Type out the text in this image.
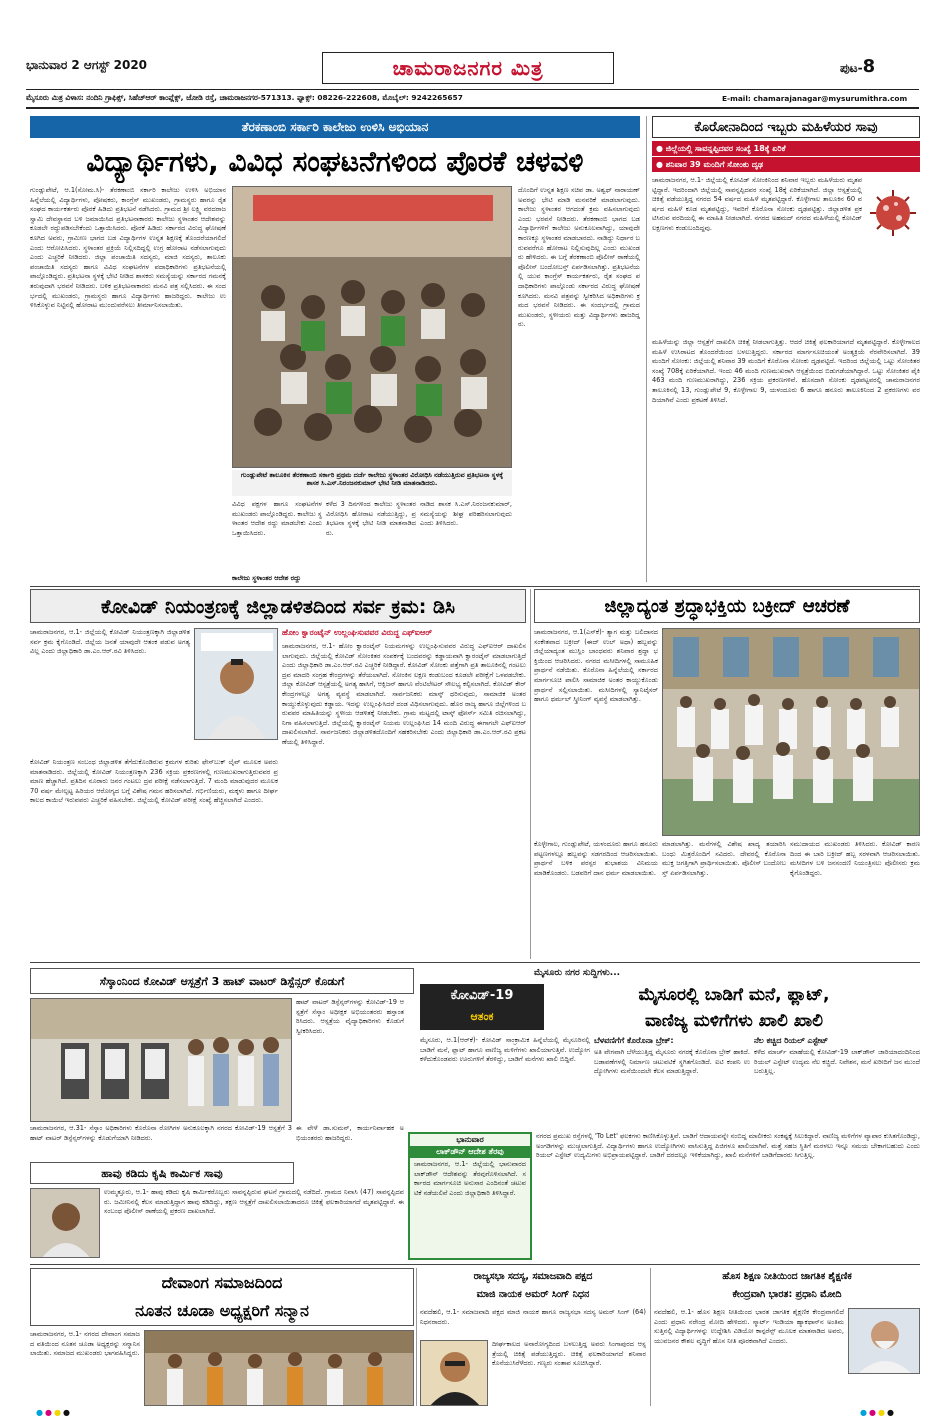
ಭಾನುವಾರ 2 ಆಗಸ್ಟ್ 2020	ಚಾಮರಾಜನಗರ ಮಿತ್ರ	ಪುಟ-8
ಮೈಸೂರು ಮಿತ್ರ ವಿಳಾಸ: ನಂದಿನಿ ಗ್ರಾಫಿಕ್ಸ್, ಸಿಹೆಚ್‌ಆರ್ ಕಾಂಪ್ಲೆಕ್ಸ್, ಜೋಡಿ ರಸ್ತೆ, ಚಾಮರಾಜನಗರ-571313. ಫ್ಯಾಕ್ಸ್: 08226-222608, ಮೊಬೈಲ್: 9242265657	E-mail: chamarajanagar@mysurumithra.com
ತೆರಕಣಾಂಬಿ ಸರ್ಕಾರಿ ಕಾಲೇಜು ಉಳಿಸಿ ಅಭಿಯಾನ
ವಿದ್ಯಾರ್ಥಿಗಳು, ವಿವಿಧ ಸಂಘಟನೆಗಳಿಂದ ಪೊರಕೆ ಚಳವಳಿ
ಗುಂಡ್ಲುಪೇಟೆ, ಆ.1(ಸೋಮ.ಸಿ)- ತೆರಕಣಾಂಬಿ ಸರ್ಕಾರಿ ಕಾಲೇಜು ಉಳಿಸಿ ಅಭಿಯಾನ ಹಿನ್ನೆಲೆಯಲ್ಲಿ ವಿದ್ಯಾರ್ಥಿಗಳು, ಪೋಷಕರು, ಕಾಂಗ್ರೆಸ್ ಮುಖಂಡರು, ಗ್ರಾಮಸ್ಥರು ಹಾಗೂ ರೈತ ಸಂಘದ ಕಾರ್ಯಕರ್ತರು ಪೊರಕೆ ಹಿಡಿದು ಪ್ರತಿಭಟನೆ ನಡೆಸಿದರು. ಗ್ರಾಮದ ಶ್ರೀ ಲಕ್ಷ್ಮಿ ವರದರಾಜಸ್ವಾಮಿ ದೇವಸ್ಥಾನದ ಬಳಿ ಜಮಾಯಿಸಿದ ಪ್ರತಿಭಟನಾಕಾರರು ಕಾಲೇಜು ಸ್ಥಳಾಂತರ ಆದೇಶವನ್ನು ಕೂಡಲೇ ರದ್ದುಪಡಿಸಬೇಕೆಂದು ಒತ್ತಾಯಿಸಿದರು. ಪೊರಕೆ ಹಿಡಿದು ಸರ್ಕಾರದ ವಿರುದ್ಧ ಘೋಷಣೆ ಕೂಗಿದ ಅವರು, ಗ್ರಾಮೀಣ ಭಾಗದ ಬಡ ವಿದ್ಯಾರ್ಥಿಗಳ ಉನ್ನತ ಶಿಕ್ಷಣಕ್ಕೆ ತೊಂದರೆಯಾಗಲಿದೆ ಎಂದು ಆರೋಪಿಸಿದರು. ಸ್ಥಳಾಂತರ ಪ್ರಕ್ರಿಯೆ ನಿಲ್ಲಿಸದಿದ್ದಲ್ಲಿ ಉಗ್ರ ಹೋರಾಟ ನಡೆಸಲಾಗುವುದು ಎಂದು ಎಚ್ಚರಿಕೆ ನೀಡಿದರು. ಜಿಲ್ಲಾ ಪಂಚಾಯಿತಿ ಸದಸ್ಯರು, ಮಾಜಿ ಸದಸ್ಯರು, ತಾಲೂಕು ಪಂಚಾಯಿತಿ ಸದಸ್ಯರು ಹಾಗೂ ವಿವಿಧ ಸಂಘಟನೆಗಳ ಪದಾಧಿಕಾರಿಗಳು ಪ್ರತಿಭಟನೆಯಲ್ಲಿ ಪಾಲ್ಗೊಂಡಿದ್ದರು. ಪ್ರತಿಭಟನಾ ಸ್ಥಳಕ್ಕೆ ಭೇಟಿ ನೀಡಿದ ಶಾಸಕರು ಸಮಸ್ಯೆಯನ್ನು ಸರ್ಕಾರದ ಗಮನಕ್ಕೆ ತರುವುದಾಗಿ ಭರವಸೆ ನೀಡಿದರು. ಬಳಿಕ ಪ್ರತಿಭಟನಾಕಾರರು ಮನವಿ ಪತ್ರ ಸಲ್ಲಿಸಿದರು. ಈ ಸಂದರ್ಭದಲ್ಲಿ ಮುಖಂಡರು, ಗ್ರಾಮಸ್ಥರು ಹಾಗೂ ವಿದ್ಯಾರ್ಥಿಗಳು ಹಾಜರಿದ್ದರು. ಕಾಲೇಜು ಉಳಿಸಿಕೊಳ್ಳುವ ನಿಟ್ಟಿನಲ್ಲಿ ಹೋರಾಟ ಮುಂದುವರೆಸಲು ತೀರ್ಮಾನಿಸಲಾಯಿತು.
ಗುಂಡ್ಲುಪೇಟೆ ತಾಲೂಕಿನ ತೆರಕಣಾಂಬಿ ಸರ್ಕಾರಿ ಪ್ರಥಮ ದರ್ಜೆ ಕಾಲೇಜು ಸ್ಥಳಾಂತರ ವಿರೋಧಿಸಿ ನಡೆಯುತ್ತಿರುವ ಪ್ರತಿಭಟನಾ ಸ್ಥಳಕ್ಕೆ ಶಾಸಕ ಸಿ.ಎಸ್.ನಿರಂಜನಕುಮಾರ್ ಭೇಟಿ ನೀಡಿ ಮಾತನಾಡಿದರು.
ವಿವಿಧ ಪಕ್ಷಗಳ ಹಾಗೂ ಸಂಘಟನೆಗಳ ಮುಖಂಡರು ಪಾಲ್ಗೊಂಡಿದ್ದರು. ಕಾಲೇಜು ಸ್ಥಳಾಂತರ ಆದೇಶ ರದ್ದು ಮಾಡಬೇಕು ಎಂದು ಒತ್ತಾಯಿಸಿದರು.
ಕಾಲೇಜು ಸ್ಥಳಾಂತರ ಆದೇಶ ರದ್ದು
ಕಳೆದ 3 ದಿನಗಳಿಂದ ಕಾಲೇಜು ಸ್ಥಳಾಂತರ ವಿರೋಧಿಸಿ ಹೋರಾಟ ನಡೆಯುತ್ತಿದ್ದು, ಪ್ರತಿಭಟನಾ ಸ್ಥಳಕ್ಕೆ ಭೇಟಿ ನೀಡಿ ಮಾತನಾಡಿದರು.
ನಾಡಿದ ಶಾಸಕ ಸಿ.ಎಸ್.ನಿರಂಜನಕುಮಾರ್, ಸಮಸ್ಯೆಯನ್ನು ಶೀಘ್ರ ಪರಿಹರಿಸಲಾಗುವುದು ಎಂದು ತಿಳಿಸಿದರು.
ದೊಂದಿಗೆ ಉನ್ನತ ಶಿಕ್ಷಣ ಸಚಿವ ಡಾ. ಅಶ್ವಥ್ ನಾರಾಯಣ್ ಅವರನ್ನು ಭೇಟಿ ಮಾಡಿ ಮನವರಿಕೆ ಮಾಡಲಾಗುವುದು. ಕಾಲೇಜು ಸ್ಥಳಾಂತರ ಆಗದಂತೆ ಕ್ರಮ ವಹಿಸಲಾಗುವುದು ಎಂದು ಭರವಸೆ ನೀಡಿದರು. ತೆರಕಣಾಂಬಿ ಭಾಗದ ಬಡ ವಿದ್ಯಾರ್ಥಿಗಳಿಗೆ ಕಾಲೇಜು ಅನುಕೂಲವಾಗಿದ್ದು, ಯಾವುದೇ ಕಾರಣಕ್ಕೂ ಸ್ಥಳಾಂತರ ಮಾಡಬಾರದು. ನಾಡಿದ್ದು ನಿರ್ಧಾರ ಬರುವವರೆಗೂ ಹೋರಾಟ ನಿಲ್ಲಿಸುವುದಿಲ್ಲ ಎಂದು ಮುಖಂಡರು ಹೇಳಿದರು. ಈ ಬಗ್ಗೆ ತೆರಕಣಾಂಬಿ ಪೊಲೀಸ್ ಠಾಣೆಯಲ್ಲಿ ಪೊಲೀಸ್ ಬಂದೋಬಸ್ತ್ ಏರ್ಪಡಿಸಲಾಗಿತ್ತು. ಪ್ರತಿಭಟನೆಯಲ್ಲಿ ಯುವ ಕಾಂಗ್ರೆಸ್ ಕಾರ್ಯಕರ್ತರು, ರೈತ ಸಂಘದ ಪದಾಧಿಕಾರಿಗಳು ಪಾಲ್ಗೊಂಡು ಸರ್ಕಾರದ ವಿರುದ್ಧ ಘೋಷಣೆ ಕೂಗಿದರು. ಮನವಿ ಪತ್ರವನ್ನು ಸ್ವೀಕರಿಸಿದ ಅಧಿಕಾರಿಗಳು ಕ್ರಮದ ಭರವಸೆ ನೀಡಿದರು. ಈ ಸಂದರ್ಭದಲ್ಲಿ ಗ್ರಾಮದ ಮುಖಂಡರು, ಸ್ಥಳೀಯರು ಮತ್ತು ವಿದ್ಯಾರ್ಥಿಗಳು ಹಾಜರಿದ್ದರು.
ಕೊರೋನಾದಿಂದ ಇಬ್ಬರು ಮಹಿಳೆಯರ ಸಾವು
● ಜಿಲ್ಲೆಯಲ್ಲಿ ಸಾವನ್ನಪ್ಪಿದವರ ಸಂಖ್ಯೆ 18ಕ್ಕೆ ಏರಿಕೆ
● ಶನಿವಾರ 39 ಮಂದಿಗೆ ಸೋಂಕು ದೃಢ
ಚಾಮರಾಜನಗರ, ಆ.1- ಜಿಲ್ಲೆಯಲ್ಲಿ ಕೋವಿಡ್ ಸೋಂಕಿನಿಂದ ಶನಿವಾರ ಇಬ್ಬರು ಮಹಿಳೆಯರು ಮೃತಪಟ್ಟಿದ್ದಾರೆ. ಇದರಿಂದಾಗಿ ಜಿಲ್ಲೆಯಲ್ಲಿ ಸಾವನ್ನಪ್ಪಿದವರ ಸಂಖ್ಯೆ 18ಕ್ಕೆ ಏರಿಕೆಯಾಗಿದೆ. ಜಿಲ್ಲಾ ಆಸ್ಪತ್ರೆಯಲ್ಲಿ ಚಿಕಿತ್ಸೆ ಪಡೆಯುತ್ತಿದ್ದ ನಗರದ 54 ವರ್ಷದ ಮಹಿಳೆ ಮೃತಪಟ್ಟಿದ್ದಾರೆ. ಕೊಳ್ಳೇಗಾಲ ತಾಲೂಕಿನ 60 ವರ್ಷದ ಮಹಿಳೆ ಕೂಡ ಮೃತಪಟ್ಟಿದ್ದು, ಇವರಿಗೆ ಕೊರೊನಾ ಸೋಂಕು ದೃಢಪಟ್ಟಿತ್ತು. ಜಿಲ್ಲಾಡಳಿತ ಪ್ರಕಟಿಸಿರುವ ವರದಿಯಲ್ಲಿ ಈ ಮಾಹಿತಿ ನೀಡಲಾಗಿದೆ. ನಗರದ ಅಹಮದ್ ನಗರದ ಮಹಿಳೆಯಲ್ಲಿ ಕೋವಿಡ್ ಲಕ್ಷಣಗಳು ಕಂಡುಬಂದಿದ್ದವು.
ಮಹಿಳೆಯನ್ನು ಜಿಲ್ಲಾ ಆಸ್ಪತ್ರೆಗೆ ದಾಖಲಿಸಿ ಚಿಕಿತ್ಸೆ ನೀಡಲಾಗುತ್ತಿತ್ತು. ಆದರೆ ಚಿಕಿತ್ಸೆ ಫಲಕಾರಿಯಾಗದೆ ಮೃತಪಟ್ಟಿದ್ದಾರೆ. ಕೊಳ್ಳೇಗಾಲದ ಮಹಿಳೆ ಉಸಿರಾಟದ ತೊಂದರೆಯಿಂದ ಬಳಲುತ್ತಿದ್ದರು. ಸರ್ಕಾರದ ಮಾರ್ಗಸೂಚಿಯಂತೆ ಅಂತ್ಯಕ್ರಿಯೆ ನೆರವೇರಿಸಲಾಗಿದೆ. 39 ಮಂದಿಗೆ ಸೋಂಕು: ಜಿಲ್ಲೆಯಲ್ಲಿ ಶನಿವಾರ 39 ಮಂದಿಗೆ ಕೊರೊನಾ ಸೋಂಕು ದೃಢಪಟ್ಟಿದೆ. ಇದರಿಂದ ಜಿಲ್ಲೆಯಲ್ಲಿ ಒಟ್ಟು ಸೋಂಕಿತರ ಸಂಖ್ಯೆ 708ಕ್ಕೆ ಏರಿಕೆಯಾಗಿದೆ. ಇಂದು 46 ಮಂದಿ ಗುಣಮುಖರಾಗಿ ಆಸ್ಪತ್ರೆಯಿಂದ ಬಿಡುಗಡೆಯಾಗಿದ್ದಾರೆ. ಒಟ್ಟು ಸೋಂಕಿತರ ಪೈಕಿ 463 ಮಂದಿ ಗುಣಮುಖರಾಗಿದ್ದು, 236 ಸಕ್ರಿಯ ಪ್ರಕರಣಗಳಿವೆ. ಹೊಸದಾಗಿ ಸೋಂಕು ದೃಢಪಟ್ಟವರಲ್ಲಿ ಚಾಮರಾಜನಗರ ತಾಲೂಕಿನಲ್ಲಿ 13, ಗುಂಡ್ಲುಪೇಟೆ 9, ಕೊಳ್ಳೇಗಾಲ 9, ಯಳಂದೂರು 6 ಹಾಗೂ ಹನೂರು ತಾಲೂಕಿನಿಂದ 2 ಪ್ರಕರಣಗಳು ವರದಿಯಾಗಿವೆ ಎಂದು ಪ್ರಕಟಣೆ ತಿಳಿಸಿದೆ.
ಕೋವಿಡ್ ನಿಯಂತ್ರಣಕ್ಕೆ ಜಿಲ್ಲಾಡಳಿತದಿಂದ ಸರ್ವ ಕ್ರಮ: ಡಿಸಿ
ಚಾಮರಾಜನಗರ, ಆ.1- ಜಿಲ್ಲೆಯಲ್ಲಿ ಕೋವಿಡ್ ನಿಯಂತ್ರಣಕ್ಕಾಗಿ ಜಿಲ್ಲಾಡಳಿತ ಸರ್ವ ಕ್ರಮ ಕೈಗೊಂಡಿದೆ. ಜಿಲ್ಲೆಯ ಜನತೆ ಯಾವುದೇ ಆತಂಕ ಪಡುವ ಅಗತ್ಯವಿಲ್ಲ ಎಂದು ಜಿಲ್ಲಾಧಿಕಾರಿ ಡಾ.ಎಂ.ಆರ್.ರವಿ ತಿಳಿಸಿದರು.
ಹೋಂ ಕ್ವಾರಂಟೈನ್ ಉಲ್ಲಂಘಿಸುವವರ ವಿರುದ್ಧ ಎಫ್‌ಐಆರ್
ಚಾಮರಾಜನಗರ, ಆ.1- ಹೋಂ ಕ್ವಾರಂಟೈನ್ ನಿಯಮಗಳನ್ನು ಉಲ್ಲಂಘಿಸುವವರ ವಿರುದ್ಧ ಎಫ್‌ಐಆರ್ ದಾಖಲಿಸಲಾಗುವುದು. ಜಿಲ್ಲೆಯಲ್ಲಿ ಕೋವಿಡ್ ಸೋಂಕಿತರ ಸಂಪರ್ಕಕ್ಕೆ ಬಂದವರನ್ನು ಕಡ್ಡಾಯವಾಗಿ ಕ್ವಾರಂಟೈನ್ ಮಾಡಲಾಗುತ್ತಿದೆ ಎಂದು ಜಿಲ್ಲಾಧಿಕಾರಿ ಡಾ.ಎಂ.ಆರ್.ರವಿ ಎಚ್ಚರಿಕೆ ನೀಡಿದ್ದಾರೆ. ಕೋವಿಡ್ ಸೋಂಕು ಪತ್ತೆಗಾಗಿ ಪ್ರತಿ ತಾಲೂಕಿನಲ್ಲಿ ಗಂಟಲು ದ್ರವ ಮಾದರಿ ಸಂಗ್ರಹ ಕೇಂದ್ರಗಳನ್ನು ತೆರೆಯಲಾಗಿದೆ. ಸೋಂಕಿನ ಲಕ್ಷಣ ಕಂಡುಬಂದ ಕೂಡಲೇ ಪರೀಕ್ಷೆಗೆ ಒಳಪಡಬೇಕು. ಜಿಲ್ಲಾ ಕೋವಿಡ್ ಆಸ್ಪತ್ರೆಯಲ್ಲಿ ಅಗತ್ಯ ಹಾಸಿಗೆ, ಆಕ್ಸಿಜನ್ ಹಾಗೂ ವೆಂಟಿಲೇಟರ್ ಸೌಲಭ್ಯ ಕಲ್ಪಿಸಲಾಗಿದೆ. ಕೋವಿಡ್ ಕೇರ್ ಕೇಂದ್ರಗಳಲ್ಲೂ ಅಗತ್ಯ ವ್ಯವಸ್ಥೆ ಮಾಡಲಾಗಿದೆ. ಸಾರ್ವಜನಿಕರು ಮಾಸ್ಕ್ ಧರಿಸುವುದು, ಸಾಮಾಜಿಕ ಅಂತರ ಕಾಯ್ದುಕೊಳ್ಳುವುದು ಕಡ್ಡಾಯ. ಇದನ್ನು ಉಲ್ಲಂಘಿಸಿದರೆ ದಂಡ ವಿಧಿಸಲಾಗುವುದು. ಹೊರ ರಾಜ್ಯ ಹಾಗೂ ಜಿಲ್ಲೆಗಳಿಂದ ಬರುವವರ ಮಾಹಿತಿಯನ್ನು ಸ್ಥಳೀಯ ಆಡಳಿತಕ್ಕೆ ನೀಡಬೇಕು. ಗ್ರಾಮ ಮಟ್ಟದಲ್ಲಿ ಟಾಸ್ಕ್ ಫೋರ್ಸ್ ಸಮಿತಿ ರಚಿಸಲಾಗಿದ್ದು, ನಿಗಾ ವಹಿಸಲಾಗುತ್ತಿದೆ. ಜಿಲ್ಲೆಯಲ್ಲಿ ಕ್ವಾರಂಟೈನ್ ನಿಯಮ ಉಲ್ಲಂಘಿಸಿದ 14 ಮಂದಿ ವಿರುದ್ಧ ಈಗಾಗಲೇ ಎಫ್‌ಐಆರ್ ದಾಖಲಿಸಲಾಗಿದೆ. ಸಾರ್ವಜನಿಕರು ಜಿಲ್ಲಾಡಳಿತದೊಂದಿಗೆ ಸಹಕರಿಸಬೇಕು ಎಂದು ಜಿಲ್ಲಾಧಿಕಾರಿ ಡಾ.ಎಂ.ಆರ್.ರವಿ ಪ್ರಕಟಣೆಯಲ್ಲಿ ತಿಳಿಸಿದ್ದಾರೆ.
ಕೋವಿಡ್ ನಿಯಂತ್ರಣ ಸಂಬಂಧ ಜಿಲ್ಲಾಡಳಿತ ತೆಗೆದುಕೊಂಡಿರುವ ಕ್ರಮಗಳ ಕುರಿತು ಫೇಸ್‌ಬುಕ್ ಲೈವ್ ಮೂಲಕ ಅವರು ಮಾತನಾಡಿದರು. ಜಿಲ್ಲೆಯಲ್ಲಿ ಕೋವಿಡ್ ನಿಯಂತ್ರಣಕ್ಕಾಗಿ 236 ಸಕ್ರಿಯ ಪ್ರಕರಣಗಳಲ್ಲಿ ಗುಣಮುಖರಾಗುತ್ತಿರುವವರ ಪ್ರಮಾಣ ಹೆಚ್ಚಾಗಿದೆ. ಪ್ರತಿದಿನ ನೂರಾರು ಜನರ ಗಂಟಲು ದ್ರವ ಪರೀಕ್ಷೆ ನಡೆಸಲಾಗುತ್ತಿದೆ. 7 ಮಂದಿ ಮಾಡುವುದರ ಮೂಲಕ 70 ವರ್ಷ ಮೇಲ್ಪಟ್ಟ ಹಿರಿಯರ ಆರೋಗ್ಯದ ಬಗ್ಗೆ ವಿಶೇಷ ಗಮನ ಹರಿಸಲಾಗಿದೆ. ಗರ್ಭಿಣಿಯರು, ಮಕ್ಕಳು ಹಾಗೂ ದೀರ್ಘಕಾಲದ ಕಾಯಿಲೆ ಇರುವವರು ಎಚ್ಚರಿಕೆ ವಹಿಸಬೇಕು. ಜಿಲ್ಲೆಯಲ್ಲಿ ಕೋವಿಡ್ ಪರೀಕ್ಷೆ ಸಂಖ್ಯೆ ಹೆಚ್ಚಿಸಲಾಗಿದೆ ಎಂದರು.
ಜಿಲ್ಲಾದ್ಯಂತ ಶ್ರದ್ಧಾಭಕ್ತಿಯ ಬಕ್ರೀದ್ ಆಚರಣೆ
ಚಾಮರಾಜನಗರ, ಆ.1(ಎಸ್‌ಕೆ)- ತ್ಯಾಗ ಮತ್ತು ಬಲಿದಾನದ ಸಂಕೇತವಾದ ಬಕ್ರೀದ್ (ಈದ್ ಉಲ್ ಅಧಾ) ಹಬ್ಬವನ್ನು ಜಿಲ್ಲೆಯಾದ್ಯಂತ ಮುಸ್ಲಿಂ ಬಾಂಧವರು ಶನಿವಾರ ಶ್ರದ್ಧಾ ಭಕ್ತಿಯಿಂದ ಆಚರಿಸಿದರು. ನಗರದ ಮಸೀದಿಗಳಲ್ಲಿ ಸಾಮೂಹಿಕ ಪ್ರಾರ್ಥನೆ ನಡೆಯಿತು. ಕೊರೊನಾ ಹಿನ್ನೆಲೆಯಲ್ಲಿ ಸರ್ಕಾರದ ಮಾರ್ಗಸೂಚಿ ಪಾಲಿಸಿ ಸಾಮಾಜಿಕ ಅಂತರ ಕಾಯ್ದುಕೊಂಡು ಪ್ರಾರ್ಥನೆ ಸಲ್ಲಿಸಲಾಯಿತು. ಮಸೀದಿಗಳಲ್ಲಿ ಸ್ಯಾನಿಟೈಸರ್ ಹಾಗೂ ಥರ್ಮಲ್ ಸ್ಕ್ರೀನಿಂಗ್ ವ್ಯವಸ್ಥೆ ಮಾಡಲಾಗಿತ್ತು.
ಕೊಳ್ಳೇಗಾಲ, ಗುಂಡ್ಲುಪೇಟೆ, ಯಳಂದೂರು ಹಾಗೂ ಹನೂರು ಪಟ್ಟಣಗಳಲ್ಲೂ ಹಬ್ಬವನ್ನು ಸಡಗರದಿಂದ ಆಚರಿಸಲಾಯಿತು. ಪ್ರಾರ್ಥನೆ ಬಳಿಕ ಪರಸ್ಪರ ಶುಭಾಶಯ ವಿನಿಮಯ ಮಾಡಿಕೊಂಡರು. ಬಡವರಿಗೆ ದಾನ ಧರ್ಮ ಮಾಡಲಾಯಿತು.
ಮಾಡಲಾಗಿತ್ತು. ಮನೆಗಳಲ್ಲಿ ವಿಶೇಷ ಖಾದ್ಯ ತಯಾರಿಸಿ ಬಂಧು ಮಿತ್ರರೊಂದಿಗೆ ಸವಿದರು. ದೇವರಲ್ಲಿ ಕೊರೊನಾ ಮುಕ್ತ ಜಗತ್ತಿಗಾಗಿ ಪ್ರಾರ್ಥಿಸಲಾಯಿತು. ಪೊಲೀಸ್ ಬಂದೋಬಸ್ತ್ ಏರ್ಪಡಿಸಲಾಗಿತ್ತು.
ಸಮುದಾಯದ ಮುಖಂಡರು ತಿಳಿಸಿದರು. ಕೋವಿಡ್ ಕಾರಣದಿಂದ ಈ ಬಾರಿ ಬಕ್ರೀದ್ ಹಬ್ಬ ಸರಳವಾಗಿ ಆಚರಿಸಲಾಯಿತು. ಮಸೀದಿಗಳ ಬಳಿ ಜನಸಂದಣಿ ನಿಯಂತ್ರಿಸಲು ಪೊಲೀಸರು ಕ್ರಮ ಕೈಗೊಂಡಿದ್ದರು.
ಮೈಸೂರು ನಗರ ಸುದ್ದಿಗಳು...
ಕೋವಿಡ್-19
ಆತಂಕ
ಮೈಸೂರಲ್ಲಿ ಬಾಡಿಗೆ ಮನೆ, ಫ್ಲಾಟ್,
ವಾಣಿಜ್ಯ ಮಳಿಗೆಗಳು ಖಾಲಿ ಖಾಲಿ
ಮೈಸೂರು, ಆ.1(ಆರ್‌ಕೆ)- ಕೋವಿಡ್ ಸಾಂಕ್ರಾಮಿಕ ಹಿನ್ನೆಲೆಯಲ್ಲಿ ಮೈಸೂರಿನಲ್ಲಿ ಬಾಡಿಗೆ ಮನೆ, ಫ್ಲಾಟ್ ಹಾಗೂ ವಾಣಿಜ್ಯ ಮಳಿಗೆಗಳು ಖಾಲಿಯಾಗುತ್ತಿವೆ. ಉದ್ಯೋಗ ಕಳೆದುಕೊಂಡವರು ಊರುಗಳಿಗೆ ತೆರಳಿದ್ದು, ಬಾಡಿಗೆ ಮನೆಗಳು ಖಾಲಿ ಬಿದ್ದಿವೆ.
ಬೆಳವಣಿಗೆಗೆ ಕೊರೊನಾ ಬ್ರೇಕ್:
ಅತಿ ವೇಗವಾಗಿ ಬೆಳೆಯುತ್ತಿದ್ದ ಮೈಸೂರು ನಗರಕ್ಕೆ ಕೊರೊನಾ ಬ್ರೇಕ್ ಹಾಕಿದೆ. ಬಡಾವಣೆಗಳಲ್ಲಿ ನಿರ್ಮಾಣ ಚಟುವಟಿಕೆ ಸ್ಥಗಿತಗೊಂಡಿದೆ. ಐಟಿ ಕಂಪನಿ ಉದ್ಯೋಗಿಗಳು ಮನೆಯಿಂದಲೇ ಕೆಲಸ ಮಾಡುತ್ತಿದ್ದಾರೆ.
ನೆಲ ಕಚ್ಚಿದ ರಿಯಲ್ ಎಸ್ಟೇಟ್
ಕಳೆದ ಮಾರ್ಚ್ ಮಾಹೆಯಲ್ಲಿ ಕೋವಿಡ್-19 ಲಾಕ್‌ಡೌನ್ ಜಾರಿಯಾದಂದಿನಿಂದ ರಿಯಲ್ ಎಸ್ಟೇಟ್ ಉದ್ಯಮ ನೆಲ ಕಚ್ಚಿದೆ. ನಿವೇಶನ, ಮನೆ ಖರೀದಿಗೆ ಜನ ಮುಂದೆ ಬರುತ್ತಿಲ್ಲ.
ಸೆಸ್ಕಾಂನಿಂದ ಕೋವಿಡ್ ಆಸ್ಪತ್ರೆಗೆ 3 ಹಾಟ್ ವಾಟರ್ ಡಿಸ್ಪೆನ್ಸರ್ ಕೊಡುಗೆ
ಹಾಟ್ ವಾಟರ್ ಡಿಸ್ಪೆನ್ಸರ್‌ಗಳನ್ನು ಕೋವಿಡ್-19 ಆಸ್ಪತ್ರೆಗೆ ಸೆಸ್ಕಾಂ ಅಧೀಕ್ಷಕ ಅಭಿಯಂತರರು ಹಸ್ತಾಂತರಿಸಿದರು. ಆಸ್ಪತ್ರೆಯ ವೈದ್ಯಾಧಿಕಾರಿಗಳು ಕೊಡುಗೆ ಸ್ವೀಕರಿಸಿದರು.
ಚಾಮರಾಜನಗರ, ಆ.31- ಸೆಸ್ಕಾಂ ಅಧಿಕಾರಿಗಳು ಕೊರೊನಾ ರೋಗಿಗಳ ಅನುಕೂಲಕ್ಕಾಗಿ ನಗರದ ಕೋವಿಡ್-19 ಆಸ್ಪತ್ರೆಗೆ 3 ಹಾಟ್ ವಾಟರ್ ಡಿಸ್ಪೆನ್ಸರ್‌ಗಳನ್ನು ಕೊಡುಗೆಯಾಗಿ ನೀಡಿದರು.
ಈ ವೇಳೆ ಡಾ.ಸುಮನ್, ಕಾರ್ಯನಿರ್ವಾಹಕ ಅಭಿಯಂತರರು ಹಾಜರಿದ್ದರು.
ಹಾವು ಕಡಿದು ಕೃಷಿ ಕಾರ್ಮಿಕ ಸಾವು
ಉಮ್ಮತ್ತೂರು, ಆ.1- ಹಾವು ಕಡಿದು ಕೃಷಿ ಕಾರ್ಮಿಕರೊಬ್ಬರು ಸಾವನ್ನಪ್ಪಿರುವ ಘಟನೆ ಗ್ರಾಮದಲ್ಲಿ ನಡೆದಿದೆ. ಗ್ರಾಮದ ನಿವಾಸಿ (47) ಸಾವನ್ನಪ್ಪಿದವರು. ಜಮೀನಿನಲ್ಲಿ ಕೆಲಸ ಮಾಡುತ್ತಿದ್ದಾಗ ಹಾವು ಕಡಿದಿದ್ದು, ತಕ್ಷಣ ಆಸ್ಪತ್ರೆಗೆ ದಾಖಲಿಸಲಾಯಿತಾದರೂ ಚಿಕಿತ್ಸೆ ಫಲಕಾರಿಯಾಗದೆ ಮೃತಪಟ್ಟಿದ್ದಾರೆ. ಈ ಸಂಬಂಧ ಪೊಲೀಸ್ ಠಾಣೆಯಲ್ಲಿ ಪ್ರಕರಣ ದಾಖಲಾಗಿದೆ.
ಭಾನುವಾರ
ಲಾಕ್‌ಡೌನ್ ಆದೇಶ ತೆರವು
ಚಾಮರಾಜನಗರ, ಆ.1- ಜಿಲ್ಲೆಯಲ್ಲಿ ಭಾನುವಾರದ ಲಾಕ್‌ಡೌನ್ ಆದೇಶವನ್ನು ತೆರವುಗೊಳಿಸಲಾಗಿದೆ. ಸರ್ಕಾರದ ಮಾರ್ಗಸೂಚಿ ಅನುಸಾರ ಎಂದಿನಂತೆ ಚಟುವಟಿಕೆ ನಡೆಯಲಿವೆ ಎಂದು ಜಿಲ್ಲಾಧಿಕಾರಿ ತಿಳಿಸಿದ್ದಾರೆ.
ನಗರದ ಪ್ರಮುಖ ರಸ್ತೆಗಳಲ್ಲಿ 'To Let' ಫಲಕಗಳು ಕಾಣಿಸಿಕೊಳ್ಳುತ್ತಿವೆ. ಬಾಡಿಗೆ ಆದಾಯವನ್ನೇ ನಂಬಿದ್ದ ಮಾಲೀಕರು ಸಂಕಷ್ಟಕ್ಕೆ ಸಿಲುಕಿದ್ದಾರೆ. ವಾಣಿಜ್ಯ ಮಳಿಗೆಗಳ ವ್ಯಾಪಾರ ಕುಸಿತಗೊಂಡಿದ್ದು, ಅಂಗಡಿಗಳನ್ನು ಮುಚ್ಚಲಾಗುತ್ತಿದೆ. ವಿದ್ಯಾರ್ಥಿಗಳು ಹಾಗೂ ಉದ್ಯೋಗಿಗಳು ವಾಸಿಸುತ್ತಿದ್ದ ಪಿಜಿಗಳೂ ಖಾಲಿಯಾಗಿವೆ. ಮತ್ತೆ ಸಹಜ ಸ್ಥಿತಿಗೆ ಮರಳಲು ಇನ್ನೂ ಸಮಯ ಬೇಕಾಗಬಹುದು ಎಂದು ರಿಯಲ್ ಎಸ್ಟೇಟ್ ಉದ್ಯಮಿಗಳು ಅಭಿಪ್ರಾಯಪಟ್ಟಿದ್ದಾರೆ. ಬಾಡಿಗೆ ದರದಲ್ಲೂ ಇಳಿಕೆಯಾಗಿದ್ದು, ಖಾಲಿ ಮನೆಗಳಿಗೆ ಬಾಡಿಗೆದಾರರು ಸಿಗುತ್ತಿಲ್ಲ.
ದೇವಾಂಗ ಸಮಾಜದಿಂದ
ನೂತನ ಚೂಡಾ ಅಧ್ಯಕ್ಷರಿಗೆ ಸನ್ಮಾನ
ಚಾಮರಾಜನಗರ, ಆ.1- ನಗರದ ದೇವಾಂಗ ಸಮಾಜದ ವತಿಯಿಂದ ನೂತನ ಚೂಡಾ ಅಧ್ಯಕ್ಷರನ್ನು ಸನ್ಮಾನಿಸಲಾಯಿತು. ಸಮಾಜದ ಮುಖಂಡರು ಭಾಗವಹಿಸಿದ್ದರು.
ರಾಜ್ಯಸಭಾ ಸದಸ್ಯ, ಸಮಾಜವಾದಿ ಪಕ್ಷದ
ಮಾಜಿ ನಾಯಕ ಅಮರ್ ಸಿಂಗ್ ನಿಧನ
ನವದೆಹಲಿ, ಆ.1- ಸಮಾಜವಾದಿ ಪಕ್ಷದ ಮಾಜಿ ನಾಯಕ ಹಾಗೂ ರಾಜ್ಯಸಭಾ ಸದಸ್ಯ ಅಮರ್ ಸಿಂಗ್ (64) ನಿಧನರಾದರು.
ದೀರ್ಘಕಾಲದ ಅನಾರೋಗ್ಯದಿಂದ ಬಳಲುತ್ತಿದ್ದ ಅವರು ಸಿಂಗಾಪುರದ ಆಸ್ಪತ್ರೆಯಲ್ಲಿ ಚಿಕಿತ್ಸೆ ಪಡೆಯುತ್ತಿದ್ದರು. ಚಿಕಿತ್ಸೆ ಫಲಕಾರಿಯಾಗದೆ ಶನಿವಾರ ಕೊನೆಯುಸಿರೆಳೆದರು. ಗಣ್ಯರು ಸಂತಾಪ ಸೂಚಿಸಿದ್ದಾರೆ.
ಹೊಸ ಶಿಕ್ಷಣ ನೀತಿಯಿಂದ ಜಾಗತಿಕ ಶೈಕ್ಷಣಿಕ
ಕೇಂದ್ರವಾಗಿ ಭಾರತ: ಪ್ರಧಾನಿ ಮೋದಿ
ನವದೆಹಲಿ, ಆ.1- ಹೊಸ ಶಿಕ್ಷಣ ನೀತಿಯಿಂದ ಭಾರತ ಜಾಗತಿಕ ಶೈಕ್ಷಣಿಕ ಕೇಂದ್ರವಾಗಲಿದೆ ಎಂದು ಪ್ರಧಾನಿ ನರೇಂದ್ರ ಮೋದಿ ಹೇಳಿದರು. ಸ್ಮಾರ್ಟ್ ಇಂಡಿಯಾ ಹ್ಯಾಕಥಾನ್‌ನ ಅಂತಿಮ ಸುತ್ತಿನಲ್ಲಿ ವಿದ್ಯಾರ್ಥಿಗಳನ್ನು ಉದ್ದೇಶಿಸಿ ವಿಡಿಯೋ ಕಾನ್ಫರೆನ್ಸ್ ಮೂಲಕ ಮಾತನಾಡಿದ ಅವರು, ಯುವಜನರ ಕೌಶಲ ವೃದ್ಧಿಗೆ ಹೊಸ ನೀತಿ ಪೂರಕವಾಗಿದೆ ಎಂದರು.
●●●●	●●●●
